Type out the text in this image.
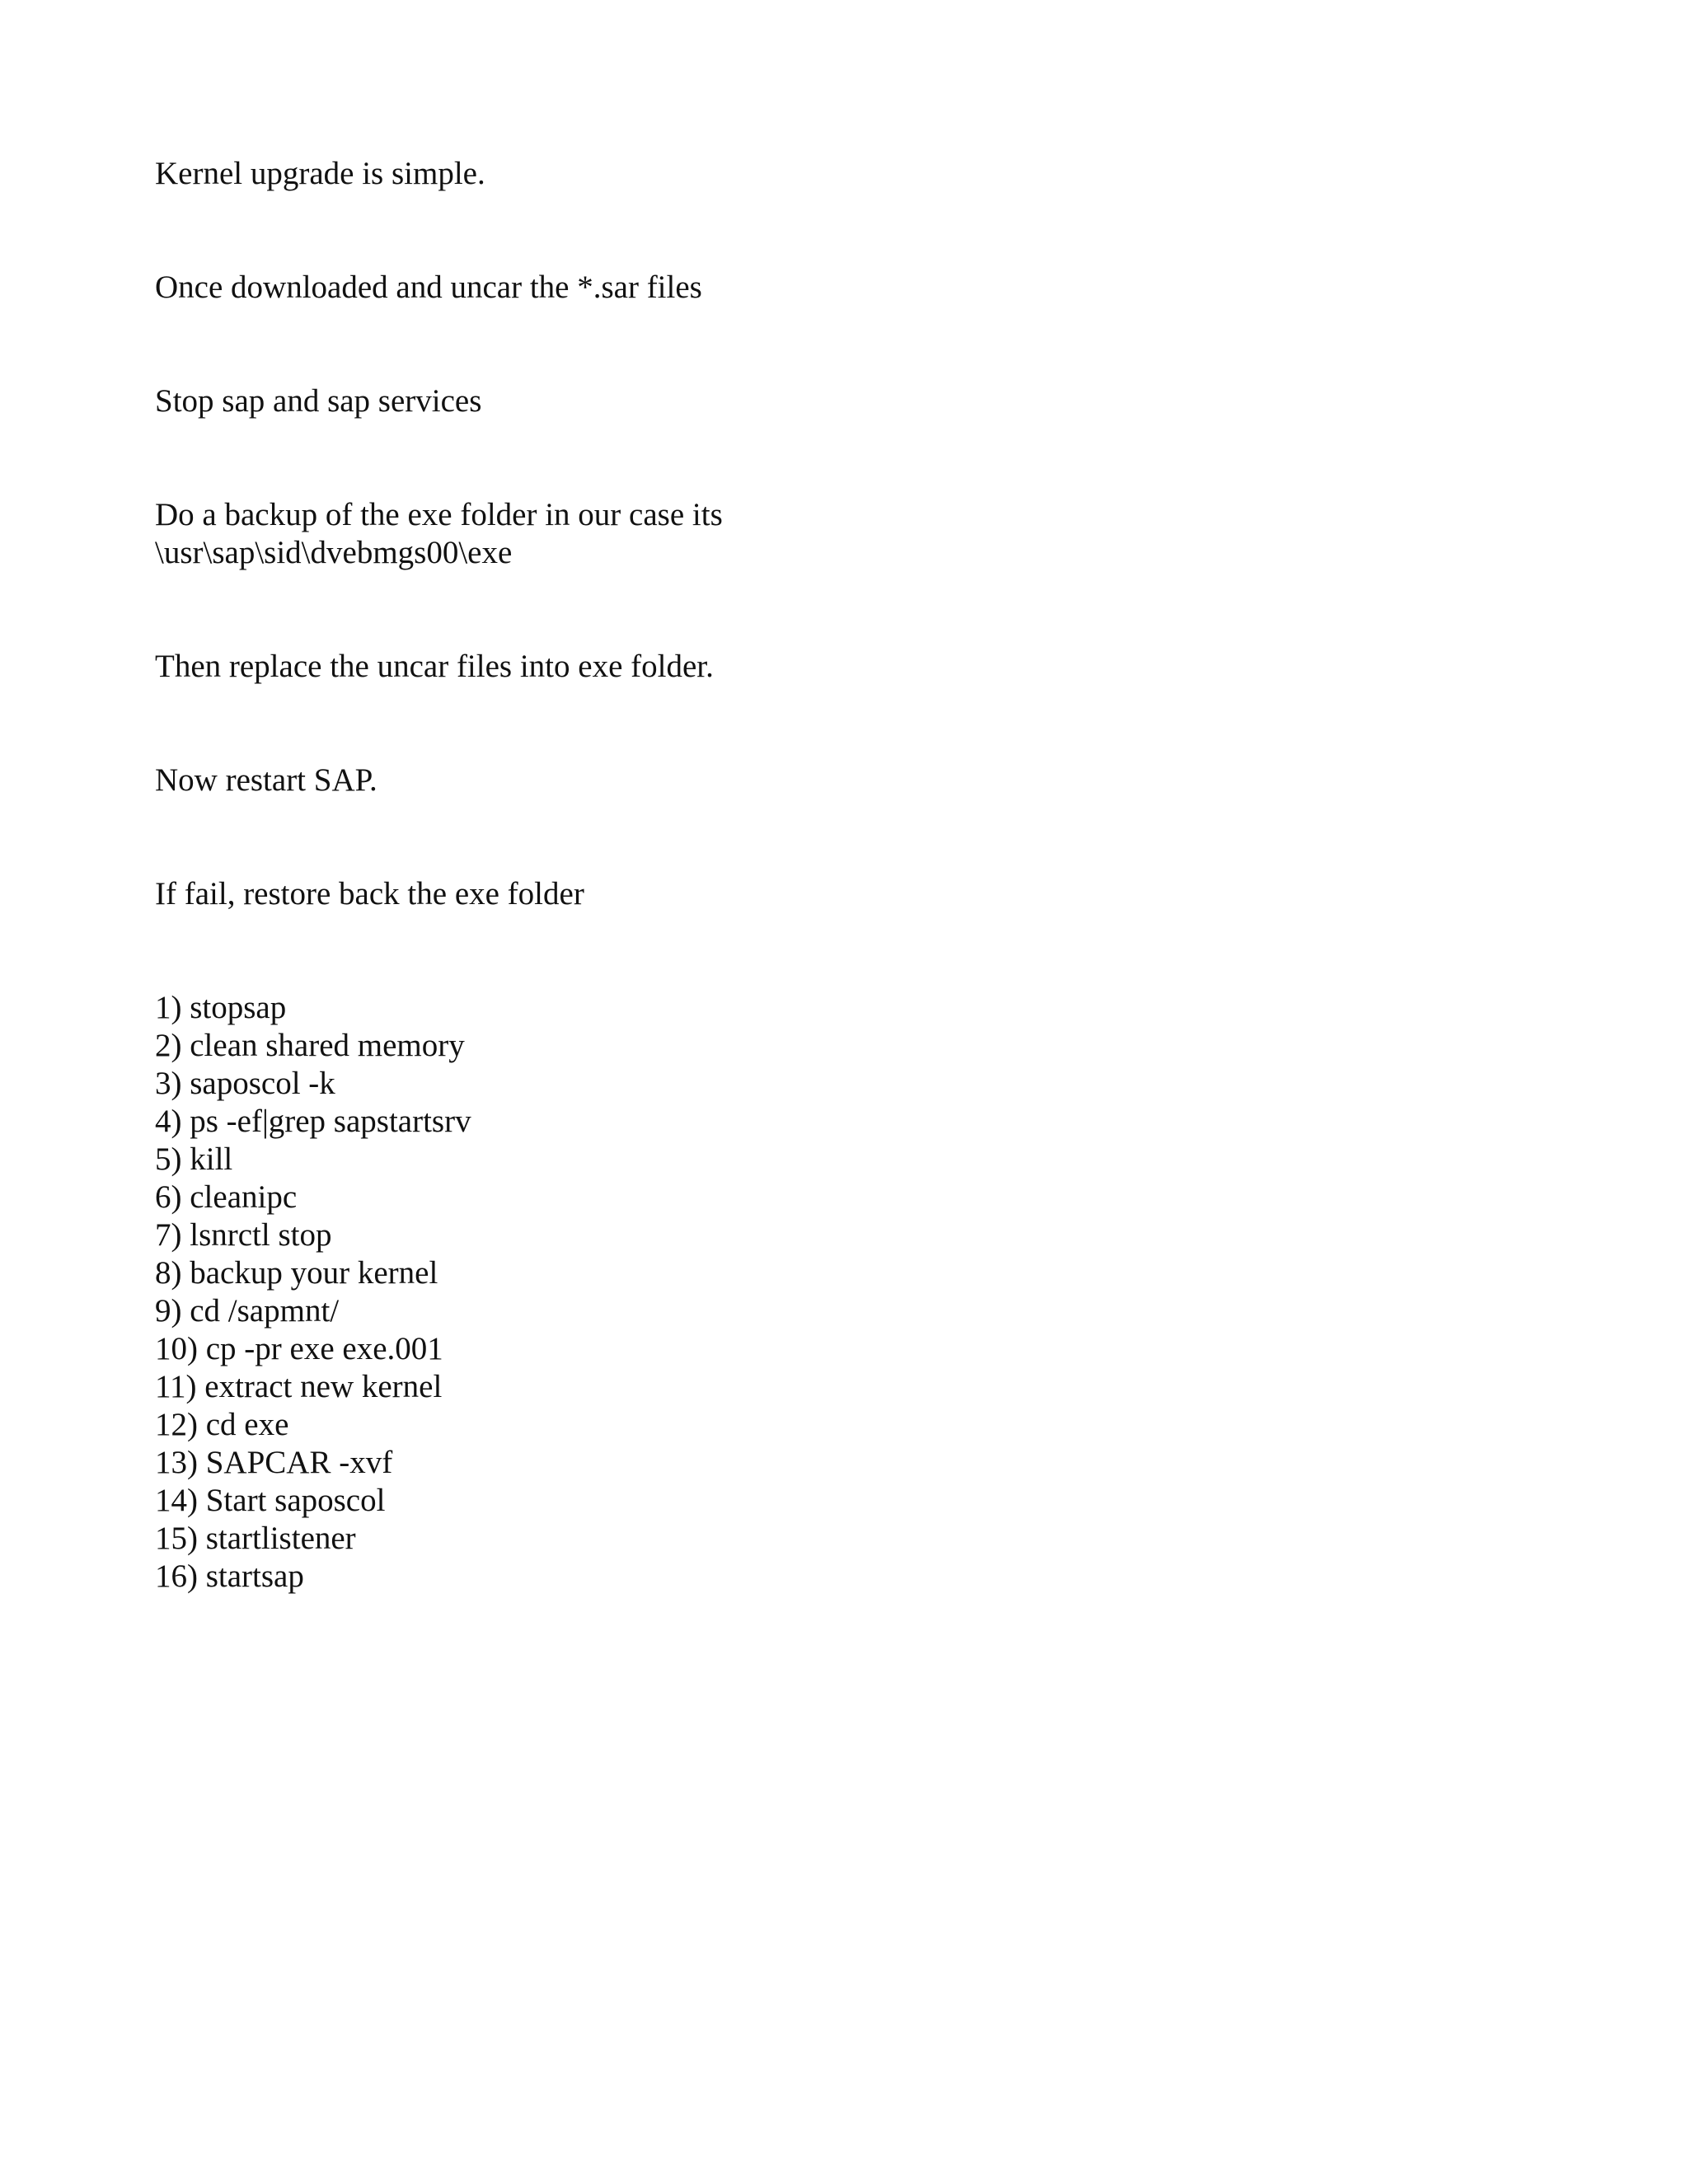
Kernel upgrade is simple.
Once downloaded and uncar the *.sar files
Stop sap and sap services
Do a backup of the exe folder in our case its
\usr\sap\sid\dvebmgs00\exe
Then replace the uncar files into exe folder.
Now restart SAP.
If fail, restore back the exe folder
1) stopsap
2) clean shared memory
3) saposcol -k
4) ps -ef|grep sapstartsrv
5) kill
6) cleanipc
7) lsnrctl stop
8) backup your kernel
9) cd /sapmnt/
10) cp -pr exe exe.001
11) extract new kernel
12) cd exe
13) SAPCAR -xvf
14) Start saposcol
15) startlistener
16) startsap
